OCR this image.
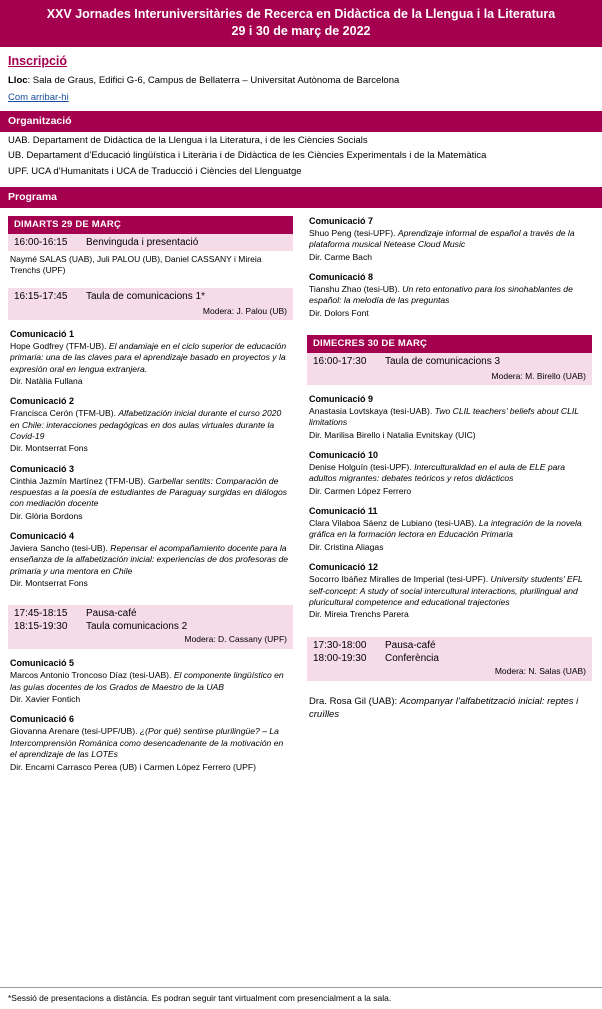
XXV Jornades Interuniversitàries de Recerca en Didàctica de la Llengua i la Literatura
29 i 30 de març de 2022
Inscripció
Lloc: Sala de Graus, Edifici G-6, Campus de Bellaterra – Universitat Autònoma de Barcelona
Com arribar-hi
Organització
UAB. Departament de Didàctica de la Llengua i la Literatura, i de les Ciències Socials
UB. Departament d’Educació lingüística i Literària i de Didàctica de les Ciències Experimentals i de la Matemàtica
UPF. UCA d’Humanitats i UCA de Traducció i Ciències del Llenguatge
Programa
DIMARTS 29 DE MARÇ
16:00-16:15	Benvinguda i presentació
Naymé SALAS (UAB), Juli PALOU (UB), Daniel CASSANY i Mireia Trenchs (UPF)
16:15-17:45	Taula de comunicacions 1*
Modera: J. Palou (UB)
Comunicació 1

Hope Godfrey (TFM-UB). El andamiaje en el ciclo superior de educación primaria: una de las claves para el aprendizaje basado en proyectos y la expresión oral en lengua extranjera.

Dir. Natàlia Fullana

Comunicació 2

Francisca Cerón (TFM-UB). Alfabetización inicial durante el curso 2020 en Chile: interacciones pedagógicas en dos aulas virtuales durante la Covid-19

Dir. Montserrat Fons

Comunicació 3

Cinthia Jazmín Martínez (TFM-UB). Garbellar sentits: Comparación de respuestas a la poesía de estudiantes de Paraguay surgidas en diálogos con mediación docente

Dir. Glòria Bordons

Comunicació 4

Javiera Sancho (tesi-UB). Repensar el acompañamiento docente para la enseñanza de la alfabetización inicial: experiencias de dos profesoras de primaria y una mentora en Chile

Dir. Montserrat Fons

17:45-18:15	Pausa-café
18:15-19:30	Taula comunicacions 2
Modera: D. Cassany (UPF)
Comunicació 5

Marcos Antonio Troncoso Díaz (tesi-UAB). El componente lingüístico en las guías docentes de los Grados de Maestro de la UAB

Dir. Xavier Fontich

Comunicació 6

Giovanna Arenare (tesi-UPF/UB). ¿(Por qué) sentirse plurilingüe? – La Intercomprensión Románica como desencadenante de la motivación en el aprendizaje de las LOTEs

Dir. Encarni Carrasco Perea (UB) i Carmen López Ferrero (UPF)

Comunicació 7

Shuo Peng (tesi-UPF). Aprendizaje informal de español a través de la plataforma musical Netease Cloud Music

Dir. Carme Bach

Comunicació 8

Tianshu Zhao (tesi-UB). Un reto entonativo para los sinohablantes de español: la melodía de las preguntas

Dir. Dolors Font

DIMECRES 30 DE MARÇ
16:00-17:30	Taula de comunicacions 3
Modera: M. Birello (UAB)
Comunicació 9

Anastasia Lovtskaya (tesi-UAB). Two CLIL teachers’ beliefs about CLIL limitations

Dir. Marilisa Birello i Natalia Evnitskay (UIC)

Comunicació 10

Denise Holguín (tesi-UPF). Interculturalidad en el aula de ELE para adultos migrantes: debates teóricos y retos didácticos

Dir. Carmen López Ferrero

Comunicació 11

Clara Vilaboa Sáenz de Lubiano (tesi-UAB). La integración de la novela gráfica en la formación lectora en Educación Primaria

Dir. Cristina Aliagas

Comunicació 12

Socorro Ibáñez Miralles de Imperial (tesi-UPF). University students’ EFL self-concept: A study of social intercultural interactions, plurilingual and pluricultural competence and educational trajectories

Dir. Mireia Trenchs Parera

17:30-18:00	Pausa-café
18:00-19:30	Conferència
Modera: N. Salas (UAB)
Dra. Rosa Gil (UAB): Acompanyar l’alfabetització inicial: reptes i cruïlles
*Sessió de presentacions a distància. Es podran seguir tant virtualment com presencialment a la sala.
